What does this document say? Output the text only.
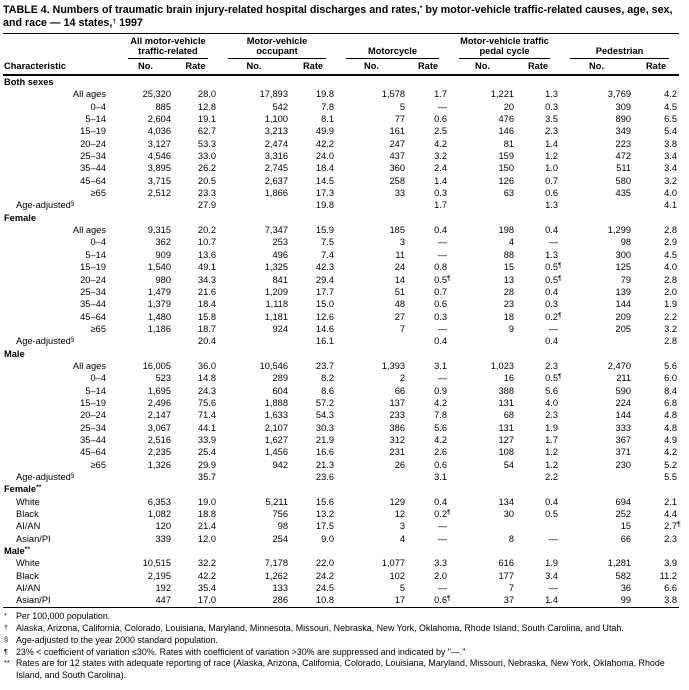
TABLE 4. Numbers of traumatic brain injury-related hospital discharges and rates,* by motor-vehicle traffic-related causes, age, sex, and race — 14 states,† 1997
Characteristic	All motor-vehicle traffic-related		Motor-vehicle occupant		Motorcycle		Motor-vehicle traffic pedal cycle		Pedestrian	

	No.	Rate	No.	Rate	No.	Rate	No.	Rate	No.	Rate
Both sexes										
All ages	25,320	28.0	17,893	19.8	1,578	1.7	1,221	1.3	3,769	4.2
0–4	885	12.8	542	7.8	5	—	20	0.3	309	4.5
5–14	2,604	19.1	1,100	8.1	77	0.6	476	3.5	890	6.5
15–19	4,036	62.7	3,213	49.9	161	2.5	146	2.3	349	5.4
20–24	3,127	53.3	2,474	42.2	247	4.2	81	1.4	223	3.8
25–34	4,546	33.0	3,316	24.0	437	3.2	159	1.2	472	3.4
35–44	3,895	26.2	2,745	18.4	360	2.4	150	1.0	511	3.4
45–64	3,715	20.5	2,637	14.5	258	1.4	126	0.7	580	3.2
≥65	2,512	23.3	1,866	17.3	33	0.3	63	0.6	435	4.0
Age-adjusted§		27.9		19.8		1.7		1.3		4.1
Female										
All ages	9,315	20.2	7,347	15.9	185	0.4	198	0.4	1,299	2.8
0–4	362	10.7	253	7.5	3	—	4	—	98	2.9
5–14	909	13.6	496	7.4	11	—	88	1.3	300	4.5
15–19	1,540	49.1	1,325	42.3	24	0.8	15	0.5¶	125	4.0
20–24	980	34.3	841	29.4	14	0.5¶	13	0.5¶	79	2.8
25–34	1,479	21.6	1,209	17.7	51	0.7	28	0.4	139	2.0
35–44	1,379	18.4	1,118	15.0	48	0.6	23	0.3	144	1.9
45–64	1,480	15.8	1,181	12.6	27	0.3	18	0.2¶	209	2.2
≥65	1,186	18.7	924	14.6	7	—	9	—	205	3.2
Age-adjusted§		20.4		16.1		0.4		0.4		2.8
Male										
All ages	16,005	36.0	10,546	23.7	1,393	3.1	1,023	2.3	2,470	5.6
0–4	523	14.8	289	8.2	2	—	16	0.5¶	211	6.0
5–14	1,695	24.3	604	8.6	66	0.9	388	5.6	590	8.4
15–19	2,496	75.6	1,888	57.2	137	4.2	131	4.0	224	6.8
20–24	2,147	71.4	1,633	54.3	233	7.8	68	2.3	144	4.8
25–34	3,067	44.1	2,107	30.3	386	5.6	131	1.9	333	4.8
35–44	2,516	33.9	1,627	21.9	312	4.2	127	1.7	367	4.9
45–64	2,235	25.4	1,456	16.6	231	2.6	108	1.2	371	4.2
≥65	1,326	29.9	942	21.3	26	0.6	54	1.2	230	5.2
Age-adjusted§		35.7		23.6		3.1		2.2		5.5
Female**										
White	6,353	19.0	5,211	15.6	129	0.4	134	0.4	694	2.1
Black	1,082	18.8	756	13.2	12	0.2¶	30	0.5	252	4.4
AI/AN	120	21.4	98	17.5	3	—			15	2.7¶
Asian/PI	339	12.0	254	9.0	4	—	8	—	66	2.3
Male**										
White	10,515	32.2	7,178	22.0	1,077	3.3	616	1.9	1,281	3.9
Black	2,195	42.2	1,262	24.2	102	2.0	177	3.4	582	11.2
AI/AN	192	35.4	133	24.5	5	—	7	—	36	6.6
Asian/PI	447	17.0	286	10.8	17	0.6¶	37	1.4	99	3.8
* Per 100,000 population.
† Alaska, Arizona, California, Colorado, Louisiana, Maryland, Minnesota, Missouri, Nebraska, New York, Oklahoma, Rhode Island, South Carolina, and Utah.
§ Age-adjusted to the year 2000 standard population.
¶ 23% < coefficient of variation ≤30%. Rates with coefficient of variation >30% are suppressed and indicated by "—."
** Rates are for 12 states with adequate reporting of race (Alaska, Arizona, California, Colorado, Louisiana, Maryland, Missouri, Nebraska, New York, Oklahoma, Rhode Island, and South Carolina).
